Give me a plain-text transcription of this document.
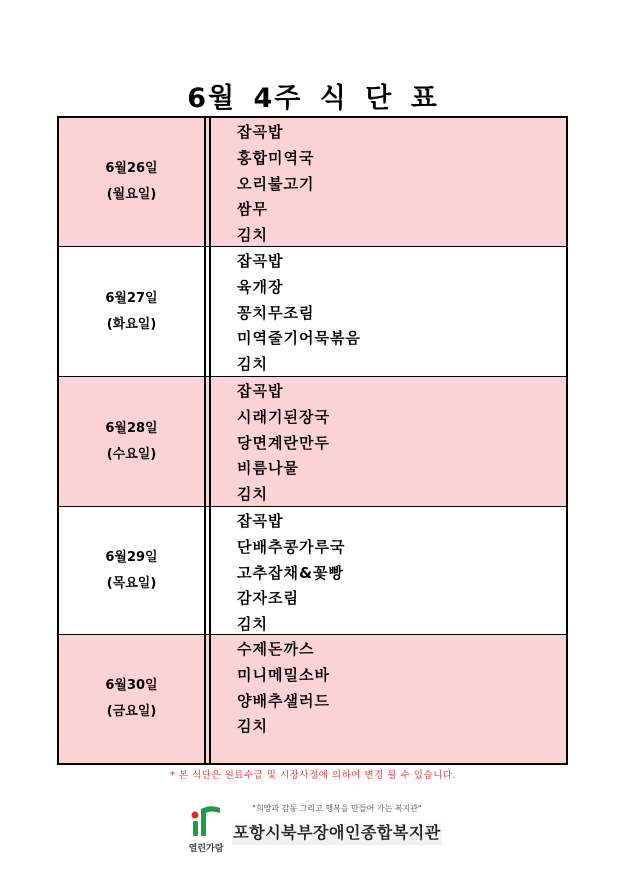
6월 4주 식 단 표
6월26일
(월요일)
잡곡밥
홍합미역국
오리불고기
쌈무
김치
6월27일
(화요일)
잡곡밥
육개장
꽁치무조림
미역줄기어묵볶음
김치
6월28일
(수요일)
잡곡밥
시래기된장국
당면계란만두
비름나물
김치
6월29일
(목요일)
잡곡밥
단배추콩가루국
고추잡채&꽃빵
감자조림
김치
6월30일
(금요일)
수제돈까스
미니메밀소바
양배추샐러드
김치
* 본 식단은 원료수급 및 시장사정에 의하여 변경 될 수 있습니다.
열린가람
"희망과 감동 그리고 행복을 만들어 가는 복지관"
포항시북부장애인종합복지관
